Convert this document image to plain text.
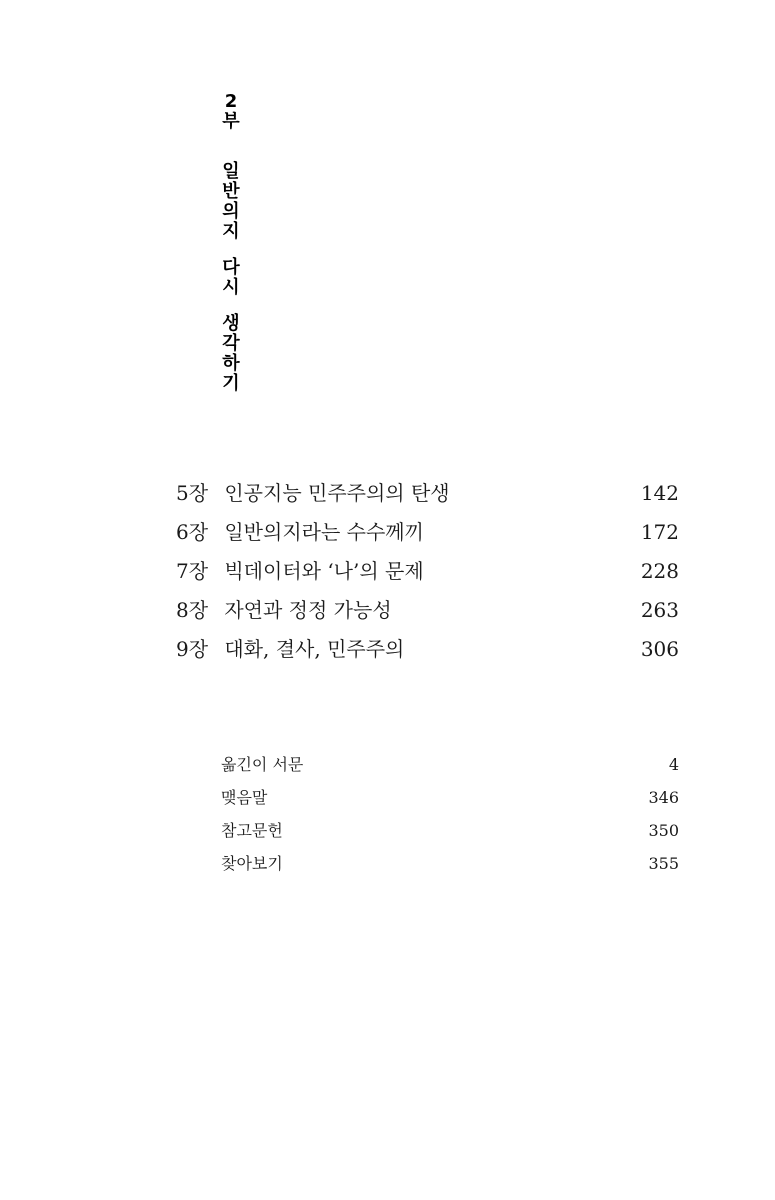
2
부
일
반
의
지
다
시
생
각
하
기
5장 인공지능 민주주의의 탄생	142
6장 일반의지라는 수수께끼	172
7장 빅데이터와 ‘나’의 문제	228
8장 자연과 정정 가능성	263
9장 대화, 결사, 민주주의	306
옮긴이 서문	4
맺음말	346
참고문헌	350
찾아보기	355
